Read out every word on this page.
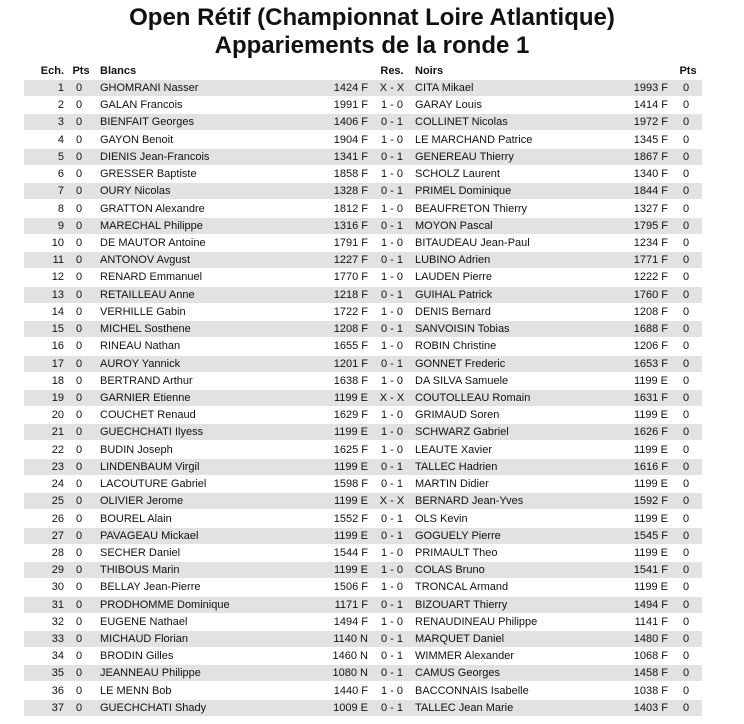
Open Rétif (Championnat Loire Atlantique)
Appariements de la ronde 1
Ech. Pts Blancs	Res.	Noirs	Pts
1	0	GHOMRANI Nasser	1424 F	X - X CITA Mikael	1993 F	0
2	0	GALAN Francois	1991 F	1 - 0	GARAY Louis	1414 F	0
3	0	BIENFAIT Georges	1406 F	0 - 1	COLLINET Nicolas	1972 F	0
4	0	GAYON Benoit	1904 F	1 - 0	LE MARCHAND Patrice	1345 F	0
5	0	DIENIS Jean-Francois	1341 F	0 - 1	GENEREAU Thierry	1867 F	0
6	0	GRESSER Baptiste	1858 F	1 - 0	SCHOLZ Laurent	1340 F	0
7	0	OURY Nicolas	1328 F	0 - 1	PRIMEL Dominique	1844 F	0
8	0	GRATTON Alexandre	1812 F	1 - 0	BEAUFRETON Thierry	1327 F	0
9	0	MARECHAL Philippe	1316 F	0 - 1	MOYON Pascal	1795 F	0
10	0	DE MAUTOR Antoine	1791 F	1 - 0	BITAUDEAU Jean-Paul	1234 F	0
11	0	ANTONOV Avgust	1227 F	0 - 1	LUBINO Adrien	1771 F	0
12	0	RENARD Emmanuel	1770 F	1 - 0	LAUDEN Pierre	1222 F	0
13	0	RETAILLEAU Anne	1218 F	0 - 1	GUIHAL Patrick	1760 F	0
14	0	VERHILLE Gabin	1722 F	1 - 0	DENIS Bernard	1208 F	0
15	0	MICHEL Sosthene	1208 F	0 - 1	SANVOISIN Tobias	1688 F	0
16	0	RINEAU Nathan	1655 F	1 - 0	ROBIN Christine	1206 F	0
17	0	AUROY Yannick	1201 F	0 - 1	GONNET Frederic	1653 F	0
18	0	BERTRAND Arthur	1638 F	1 - 0	DA SILVA Samuele	1199 E	0
19	0	GARNIER Etienne	1199 E	X - X COUTOLLEAU Romain	1631 F	0
20	0	COUCHET Renaud	1629 F	1 - 0	GRIMAUD Soren	1199 E	0
21	0	GUECHCHATI Ilyess	1199 E	1 - 0	SCHWARZ Gabriel	1626 F	0
22	0	BUDIN Joseph	1625 F	1 - 0	LEAUTE Xavier	1199 E	0
23	0	LINDENBAUM Virgil	1199 E	0 - 1	TALLEC Hadrien	1616 F	0
24	0	LACOUTURE Gabriel	1598 F	0 - 1	MARTIN Didier	1199 E	0
25	0	OLIVIER Jerome	1199 E	X - X BERNARD Jean-Yves	1592 F	0
26	0	BOUREL Alain	1552 F	0 - 1	OLS Kevin	1199 E	0
27	0	PAVAGEAU Mickael	1199 E	0 - 1	GOGUELY Pierre	1545 F	0
28	0	SECHER Daniel	1544 F	1 - 0	PRIMAULT Theo	1199 E	0
29	0	THIBOUS Marin	1199 E	1 - 0	COLAS Bruno	1541 F	0
30	0	BELLAY Jean-Pierre	1506 F	1 - 0	TRONCAL Armand	1199 E	0
31	0	PRODHOMME Dominique	1171 F	0 - 1	BIZOUART Thierry	1494 F	0
32	0	EUGENE Nathael	1494 F	1 - 0	RENAUDINEAU Philippe	1141 F	0
33	0	MICHAUD Florian	1140 N	0 - 1	MARQUET Daniel	1480 F	0
34	0	BRODIN Gilles	1460 N	0 - 1	WIMMER Alexander	1068 F	0
35	0	JEANNEAU Philippe	1080 N	0 - 1	CAMUS Georges	1458 F	0
36	0	LE MENN Bob	1440 F	1 - 0	BACCONNAIS Isabelle	1038 F	0
37	0	GUECHCHATI Shady	1009 E	0 - 1	TALLEC Jean Marie	1403 F	0
